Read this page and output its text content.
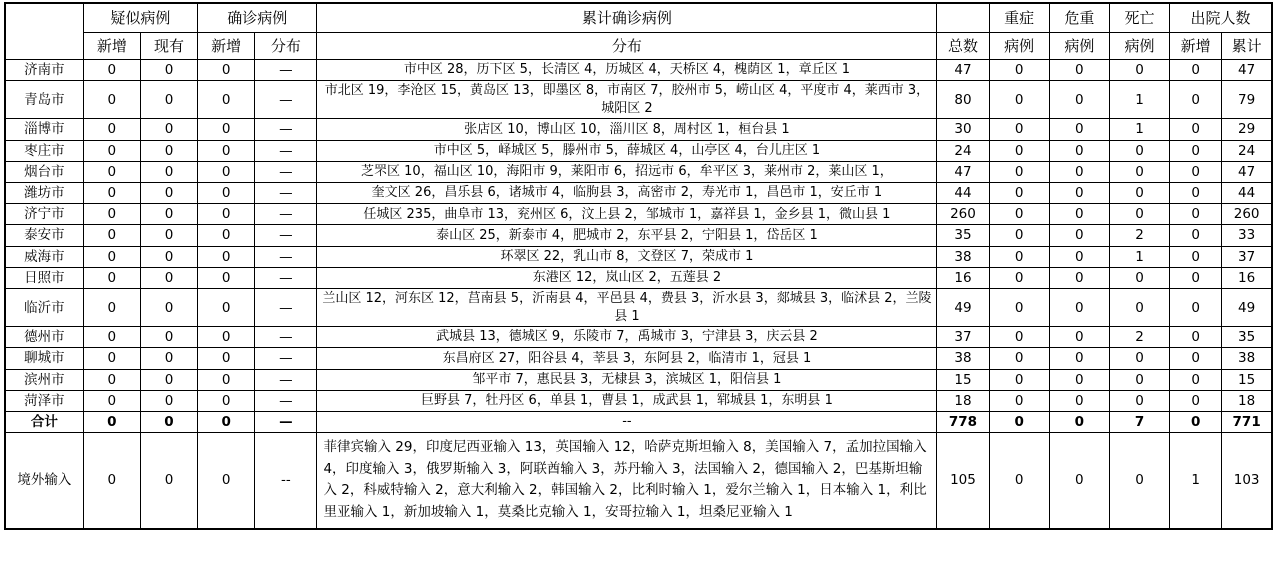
	疑似病例		确诊病例		累计确诊病例		重症	危重	死亡	出院人数	
	新增	现有	新增	分布	分布	总数	病例	病例	病例	新增	累计
济南市	0	0	0	—	市中区 28，历下区 5，长清区 4，历城区 4，天桥区 4，槐荫区 1，章丘区 1	47	0	0	0	0	47
青岛市	0	0	0	—	市北区 19，李沧区 15，黄岛区 13，即墨区 8，市南区 7，胶州市 5，崂山区 4，平度市 4，莱西市 3，城阳区 2	80	0	0	1	0	79
淄博市	0	0	0	—	张店区 10，博山区 10，淄川区 8，周村区 1，桓台县 1	30	0	0	1	0	29
枣庄市	0	0	0	—	市中区 5，峄城区 5，滕州市 5，薛城区 4，山亭区 4，台儿庄区 1	24	0	0	0	0	24
烟台市	0	0	0	—	芝罘区 10，福山区 10，海阳市 9，莱阳市 6，招远市 6，牟平区 3，莱州市 2，莱山区 1，	47	0	0	0	0	47
潍坊市	0	0	0	—	奎文区 26，昌乐县 6，诸城市 4，临朐县 3，高密市 2，寿光市 1，昌邑市 1，安丘市 1	44	0	0	0	0	44
济宁市	0	0	0	—	任城区 235，曲阜市 13，兖州区 6，汶上县 2，邹城市 1，嘉祥县 1，金乡县 1，微山县 1	260	0	0	0	0	260
泰安市	0	0	0	—	泰山区 25，新泰市 4，肥城市 2，东平县 2，宁阳县 1，岱岳区 1	35	0	0	2	0	33
威海市	0	0	0	—	环翠区 22，乳山市 8，文登区 7，荣成市 1	38	0	0	1	0	37
日照市	0	0	0	—	东港区 12，岚山区 2，五莲县 2	16	0	0	0	0	16
临沂市	0	0	0	—	兰山区 12，河东区 12，莒南县 5，沂南县 4，平邑县 4，费县 3，沂水县 3，郯城县 3，临沭县 2，兰陵县 1	49	0	0	0	0	49
德州市	0	0	0	—	武城县 13，德城区 9，乐陵市 7，禹城市 3，宁津县 3，庆云县 2	37	0	0	2	0	35
聊城市	0	0	0	—	东昌府区 27，阳谷县 4，莘县 3，东阿县 2，临清市 1，冠县 1	38	0	0	0	0	38
滨州市	0	0	0	—	邹平市 7，惠民县 3，无棣县 3，滨城区 1，阳信县 1	15	0	0	0	0	15
菏泽市	0	0	0	—	巨野县 7，牡丹区 6，单县 1，曹县 1，成武县 1，郓城县 1，东明县 1	18	0	0	0	0	18
合计	0	0	0	—	--	778	0	0	7	0	771
境外输入	0	0	0	--	菲律宾输入 29，印度尼西亚输入 13，英国输入 12，哈萨克斯坦输入 8，美国输入 7，孟加拉国输入 4，印度输入 3，俄罗斯输入 3，阿联酋输入 3，苏丹输入 3，法国输入 2，德国输入 2，巴基斯坦输入 2，科威特输入 2，意大利输入 2，韩国输入 2，比利时输入 1，爱尔兰输入 1，日本输入 1，利比里亚输入 1，新加坡输入 1，莫桑比克输入 1，安哥拉输入 1，坦桑尼亚输入 1	105	0	0	0	1	103
